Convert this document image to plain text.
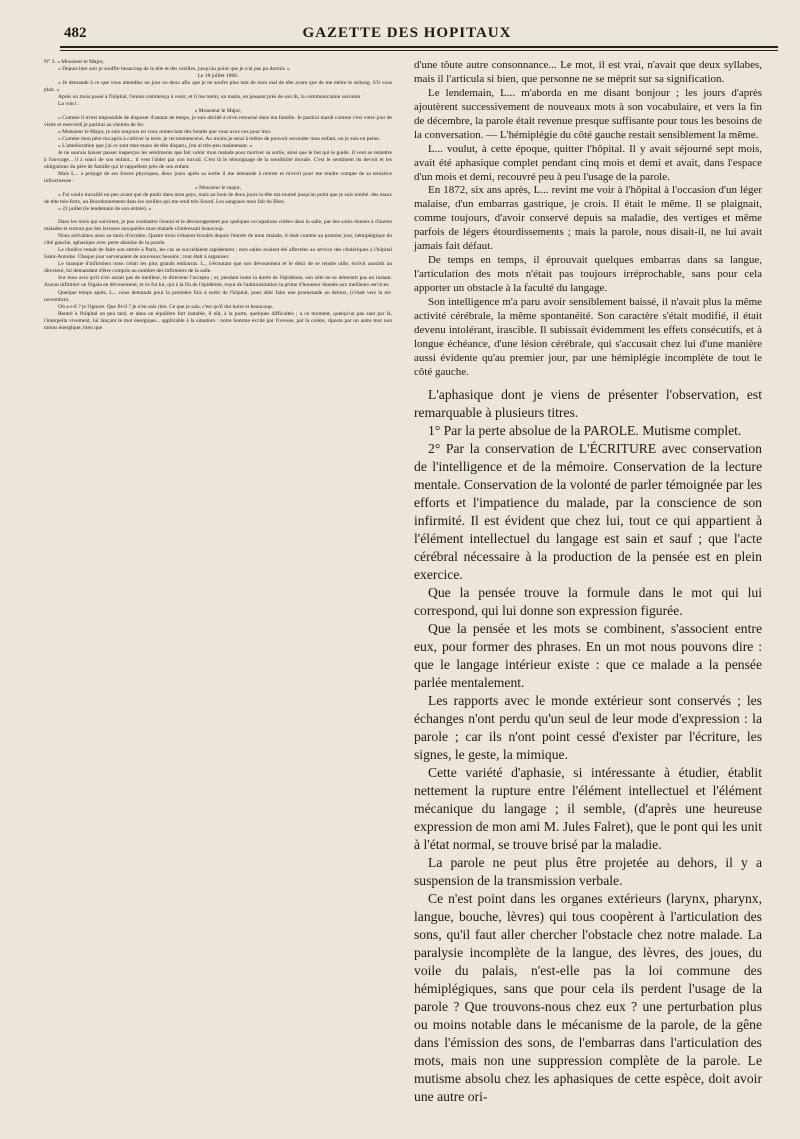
482	GAZETTE DES HOPITAUX

N° 3. « Monsieur le Major,

« Depuis hier soir je souffre beaucoup de la tête et des oreilles, jusqu'au point que je n'ai pas pu dormir. »

Le 18 juillet 1866.

« Je demande à ce que vous attendiez un jour ou deux afin que je ne soufre plus tant de mon mal de tête avant que de me mètre le seitong. S'il vous plait. »

Après un mois passé à l'hôpital, l'ennui commença à venir, et il me remit, un matin, en passant près de son lit, la communication suivante :

La voici :

« Monsieur le Major,

« Comme il m'est impossible de disposer d'autant de temps, je suis décidé à m'en retourné dans ma famille. Je partirai mardi comme c'est votre jour de visite et mercredi je partirai au chemin de fer.

« Monsieur le Major, je suis toujours en vous remerciant des bontés que vous avez eus pour moi.

« Comme mon père ma apris à cultiver la terre, je recommencerai. Au moins je serai à même de pouvoir seconder mon enfant, ou je suis en peine.

« L'amelioration que j'ai ce sont mes maux de tête disparu, j'en ai très-peu maintenant. »

Je ne saurais laisser passer inaperçus les sentiments que fait valoir mon malade pour motiver sa sortie, ainsi que le but qui le guide. Il veut se remettre à l'ouvrage... il a souci de son enfant... il veut l'aider par son travail. C'est là le témoignage de la sensibilité morale. C'est le sentiment du devoir et les obligations du père de famille qui le rappellent près de son enfant.

Mais L... a préjugé de ses forces physiques, deux jours après sa sortie il me demande à rentrer et m'écrit pour me rendre compte de sa tentative infructueuse :

« Monsieur le major,

« J'ai voulu travaillé un peu avant que de partir dans mon pays, mais au bout de deux jours la tête ma tourné jusqu'au point que je suis tombé. des maux de tête très-forts, un Bourdonnement dans les oreilles qui me rend très Sourd. Les sangsues mon fait du Bien.

« 22 juillet (le lendemain de son entrée). »

Dans les mois qui suivirent, je pus combattre l'ennui et le découragement par quelques occupations créées dans la salle, par des soins donnés à d'autres malades et surtout par des lectures auxquelles mon malade s'intéressait beaucoup.

Nous arrivâmes ainsi au mois d'octobre. Quatre mois s'étaient écoulés depuis l'entrée de mon malade, il était comme au premier jour, hémiplégique du côté gauche, aphasique avec perte absolue de la parole.

Le choléra venait de faire son entrée à Paris, les cas se succédaient rapidement ; mes salles avaient été affectées au service des cholériques à l'hôpital Saint-Antoine. Chaque jour survenaient de nouveaux besoins ; tout était à organiser.

Le manque d'infirmiers nous créait les plus grands embarras. L., n'écoutant que son dévouement et le désir de se rendre utile, écrivit aussitôt au directeur, lui demandant d'être compris au nombre des infirmiers de la salle.

Sur mon avis qu'il n'en aurait pas de meilleur, le directeur l'accepta ; et, pendant toute la durée de l'épidémie, son zèle ne se démentit pas un instant. Aucun infirmier ne l'égala en dévouement, et ce fut lui, qui à la fin de l'épidémie, reçut de l'administration la prime d'honneur donnée aux meilleurs services.

Quelque temps après, L... nous demanda pour la première fois à sortir de l'hôpital, pour aller faire une promenade au dehors, (c'était vers la mi-novembre).

Où a-t-il ? je l'ignore. Que fit-il ? je n'en sais rien. Ce que je sais, c'est qu'il dut boire et beaucoup.

Rentré à l'hôpital un peu tard, et dans un équilibre fort instable, il eût, à la porte, quelques difficultés ; à ce moment, quelqu'un pas sant par là, l'interpella vivement, lui lançant le mot énergique... applicable à la situation : notre homme excité par l'ivresse, par la colère, riposta par un autre mot non moins énergique, bien que

d'une tôute autre consonnance... Le mot, il est vrai, n'avait que deux syllabes, mais il l'articula si bien, que personne ne se méprit sur sa signification.

Le lendemain, L... m'aborda en me disant bonjour ; les jours d'après ajoutèrent successivement de nouveaux mots à son vocabulaire, et vers la fin de décembre, la parole était revenue presque suffisante pour tous les besoins de la conversation. — L'hémiplégie du côté gauche restait sensiblement la même.

L... voulut, à cette époque, quitter l'hôpital. Il y avait séjourné sept mois, avait été aphasique complet pendant cinq mois et demi et avait, dans l'espace d'un mois et demi, recouvré peu à peu l'usage de la parole.

En 1872, six ans après, L... revint me voir à l'hôpital à l'occasion d'un léger malaise, d'un embarras gastrique, je crois. Il était le même. Il se plaignait, comme toujours, d'avoir conservé depuis sa maladie, des vertiges et même parfois de légers étourdissements ; mais la parole, nous disait-il, ne lui avait jamais fait défaut.

De temps en temps, il éprouvait quelques embarras dans sa langue, l'articulation des mots n'était pas toujours irréprochable, sans pour cela apporter un obstacle à la faculté du langage.

Son intelligence m'a paru avoir sensiblement baissé, il n'avait plus la même activité cérébrale, la même spontanéité. Son caractère s'était modifié, il était devenu intolérant, irascible. Il subissait évidemment les effets consécutifs, et à longue échéance, d'une lésion cérébrale, qui s'accusait chez lui d'une manière aussi évidente qu'au premier jour, par une hémiplégie incomplète de tout le côté gauche.

L'aphasique dont je viens de présenter l'observation, est remarquable à plusieurs titres.

1° Par la perte absolue de la PAROLE. Mutisme complet.

2° Par la conservation de L'ÉCRITURE avec conservation de l'intelligence et de la mémoire. Conservation de la lecture mentale. Conservation de la volonté de parler témoignée par les efforts et l'impatience du malade, par la conscience de son infirmité. Il est évident que chez lui, tout ce qui appartient à l'élément intellectuel du langage est sain et sauf ; que l'acte cérébral nécessaire à la production de la pensée est en plein exercice.

Que la pensée trouve la formule dans le mot qui lui correspond, qui lui donne son expression figurée.

Que la pensée et les mots se combinent, s'associent entre eux, pour former des phrases. En un mot nous pouvons dire : que le langage intérieur existe : que ce malade a la pensée parlée mentalement.

Les rapports avec le monde extérieur sont conservés ; les échanges n'ont perdu qu'un seul de leur mode d'expression : la parole ; car ils n'ont point cessé d'exister par l'écriture, les signes, le geste, la mimique.

Cette variété d'aphasie, si intéressante à étudier, établit nettement la rupture entre l'élément intellectuel et l'élément mécanique du langage ; il semble, (d'après une heureuse expression de mon ami M. Jules Falret), que le pont qui les unit à l'état normal, se trouve brisé par la maladie.

La parole ne peut plus être projetée au dehors, il y a suspension de la transmission verbale.

Ce n'est point dans les organes extérieurs (larynx, pharynx, langue, bouche, lèvres) qui tous coopèrent à l'articulation des sons, qu'il faut aller chercher l'obstacle chez notre malade. La paralysie incomplète de la langue, des lèvres, des joues, du voile du palais, n'est-elle pas la loi commune des hémiplégiques, sans que pour cela ils perdent l'usage de la parole ? Que trouvons-nous chez eux ? une perturbation plus ou moins notable dans le mécanisme de la parole, de la gêne dans l'émission des sons, de l'embarras dans l'articulation des mots, mais non une suppression complète de la parole. Le mutisme absolu chez les aphasiques de cette espèce, doit avoir une autre ori-
